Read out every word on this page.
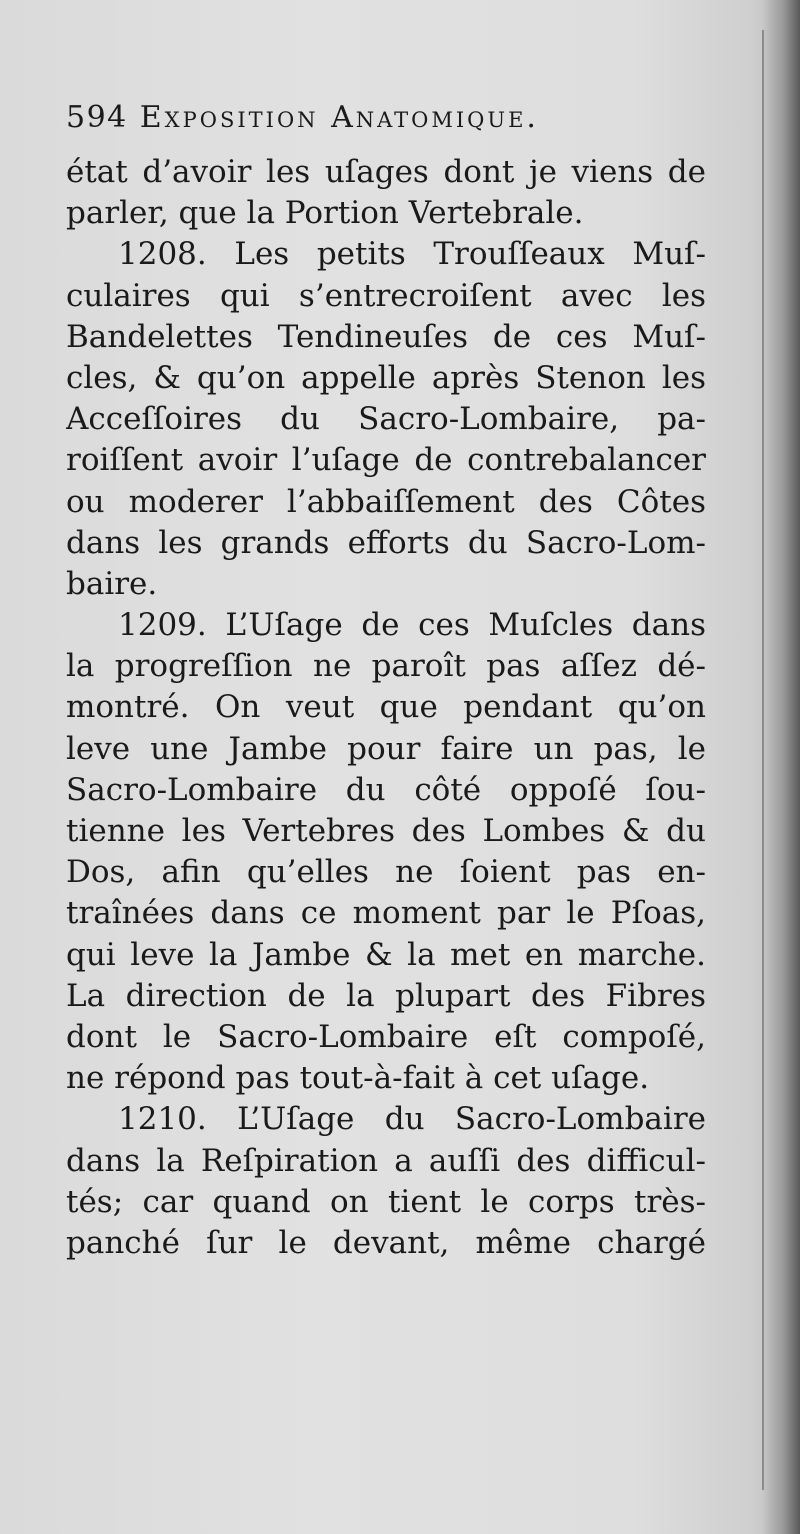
594 Exposition Anatomique.
état d’avoir les uſages dont je viens de
parler, que la Portion Vertebrale.
1208. Les petits Trouſſeaux Muſ-
culaires qui s’entrecroiſent avec les
Bandelettes Tendineuſes de ces Muſ-
cles, & qu’on appelle après Stenon les
Acceſſoires du Sacro-Lombaire, pa-
roiſſent avoir l’uſage de contrebalancer
ou moderer l’abbaiſſement des Côtes
dans les grands efforts du Sacro-Lom-
baire.
1209. L’Uſage de ces Muſcles dans
la progreſſion ne paroît pas aſſez dé-
montré. On veut que pendant qu’on
leve une Jambe pour faire un pas, le
Sacro-Lombaire du côté oppoſé ſou-
tienne les Vertebres des Lombes & du
Dos, afin qu’elles ne ſoient pas en-
traînées dans ce moment par le Pſoas,
qui leve la Jambe & la met en marche.
La direction de la plupart des Fibres
dont le Sacro-Lombaire eſt compoſé,
ne répond pas tout-à-fait à cet uſage.
1210. L’Uſage du Sacro-Lombaire
dans la Reſpiration a auſſi des difficul-
tés; car quand on tient le corps très-
panché ſur le devant, même chargé
